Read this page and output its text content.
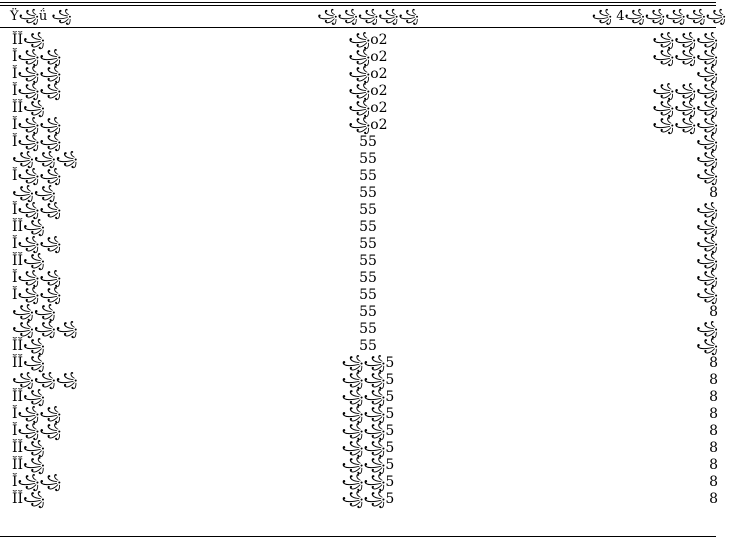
Ÿ꧁ǘ ꧁	꧁꧁꧁꧁꧁	꧁ 4꧁꧁꧁꧁꧁
ĬĬ꧁	꧁o2	꧁꧁꧁
Ĭ꧁꧁	꧁o2	꧁꧁꧁
Ĭ꧁꧁	꧁o2	꧁
Ĭ꧁꧁	꧁o2	꧁꧁꧁
ĬĬ꧁	꧁o2	꧁꧁꧁
Ĭ꧁꧁	꧁o2	꧁꧁꧁
Ĭ꧁꧁	55	꧁
꧁꧁꧁	55	꧁
Ĭ꧁꧁	55	꧁
꧁꧁	55	8
Ĭ꧁꧁	55	꧁
ĬĬ꧁	55	꧁
Ĭ꧁꧁	55	꧁
ĬĬ꧁	55	꧁
Ĭ꧁꧁	55	꧁
Ĭ꧁꧁	55	꧁
꧁꧁	55	8
꧁꧁꧁	55	꧁
ĬĬ꧁	55	꧁
ĬĬ꧁	꧁꧁5	8
꧁꧁꧁	꧁꧁5	8
ĬĬ꧁	꧁꧁5	8
Ĭ꧁꧁	꧁꧁5	8
Ĭ꧁꧁	꧁꧁5	8
ĬĬ꧁	꧁꧁5	8
ĬĬ꧁	꧁꧁5	8
Ĭ꧁꧁	꧁꧁5	8
ĬĬ꧁	꧁꧁5	8
